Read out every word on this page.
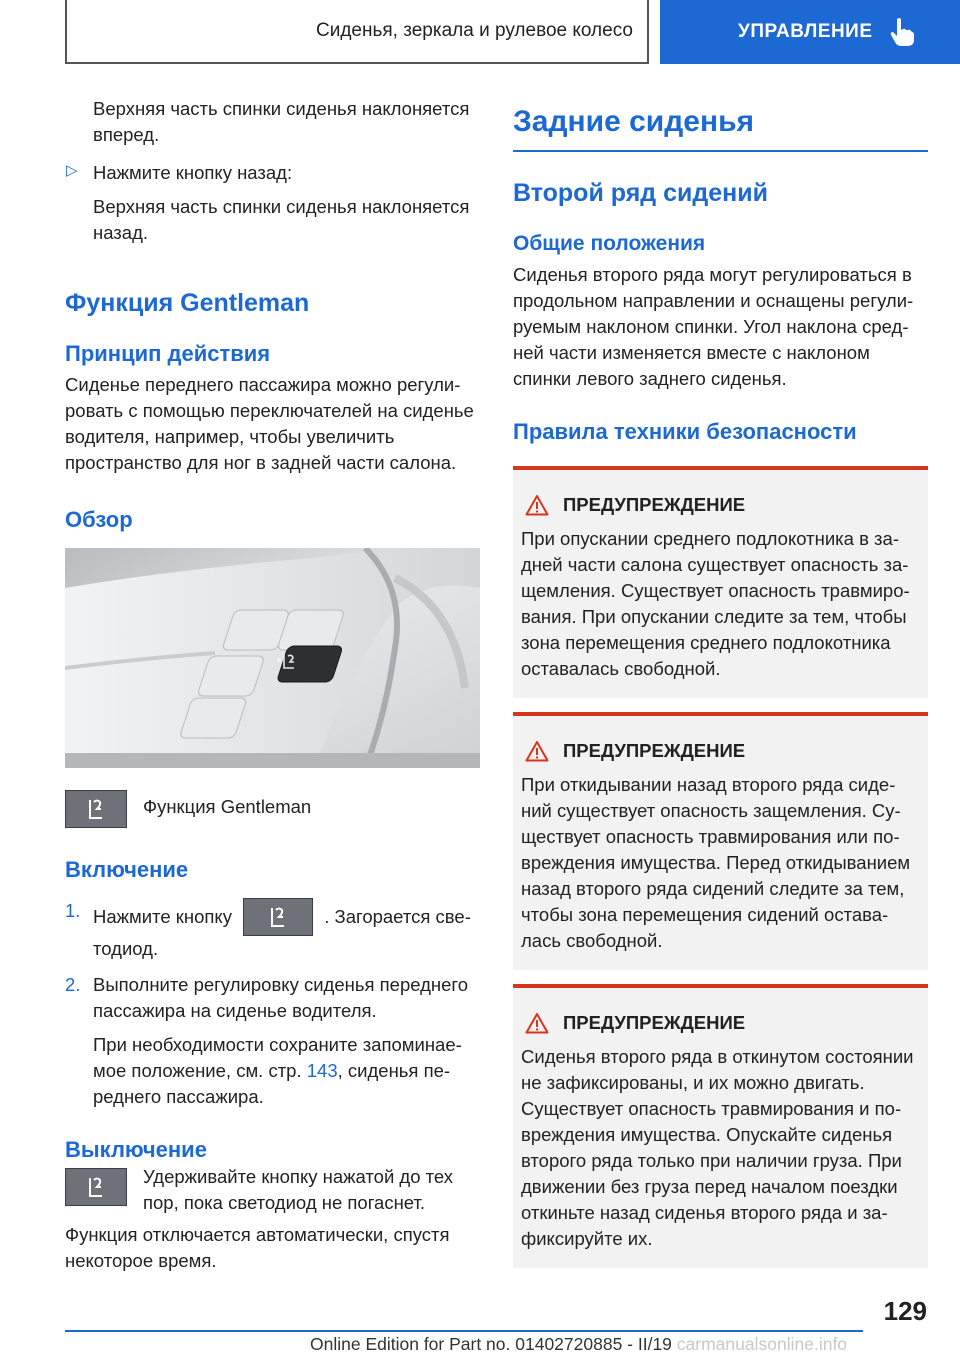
Сиденья, зеркала и рулевое колесо	УПРАВЛЕНИЕ

Верхняя часть спинки сиденья наклоняется вперед.

▷ Нажмите кнопку назад:

Верхняя часть спинки сиденья наклоняется назад.

Функция Gentleman
Принцип действия

Сиденье переднего пассажира можно регулировать с помощью переключателей на сиденье водителя, например, чтобы увеличить пространство для ног в задней части салона.

Обзор
Функция Gentleman
Включение
1. Нажмите кнопку	. Загорается светодиод.

2. Выполните регулировку сиденья переднего пассажира на сиденье водителя.

При необходимости сохраните запоминаемое положение, см. стр. 143, сиденья переднего пассажира.

Выключение
Удерживайте кнопку нажатой до тех пор, пока светодиод не погаснет.

Функция отключается автоматически, спустя некоторое время.

Задние сиденья
Второй ряд сидений
Общие положения

Сиденья второго ряда могут регулироваться в продольном направлении и оснащены регулируемым наклоном спинки. Угол наклона средней части изменяется вместе с наклоном спинки левого заднего сиденья.

Правила техники безопасности
ПРЕДУПРЕЖДЕНИЕ

При опускании среднего подлокотника в задней части салона существует опасность защемления. Существует опасность травмирования. При опускании следите за тем, чтобы зона перемещения среднего подлокотника оставалась свободной.

ПРЕДУПРЕЖДЕНИЕ

При откидывании назад второго ряда сидений существует опасность защемления. Существует опасность травмирования или повреждения имущества. Перед откидыванием назад второго ряда сидений следите за тем, чтобы зона перемещения сидений оставалась свободной.

ПРЕДУПРЕЖДЕНИЕ

Сиденья второго ряда в откинутом состоянии не зафиксированы, и их можно двигать. Существует опасность травмирования и повреждения имущества. Опускайте сиденья второго ряда только при наличии груза. При движении без груза перед началом поездки откиньте назад сиденья второго ряда и зафиксируйте их.

129
Online Edition for Part no. 01402720885 - II/19 carmanualsonline.info
